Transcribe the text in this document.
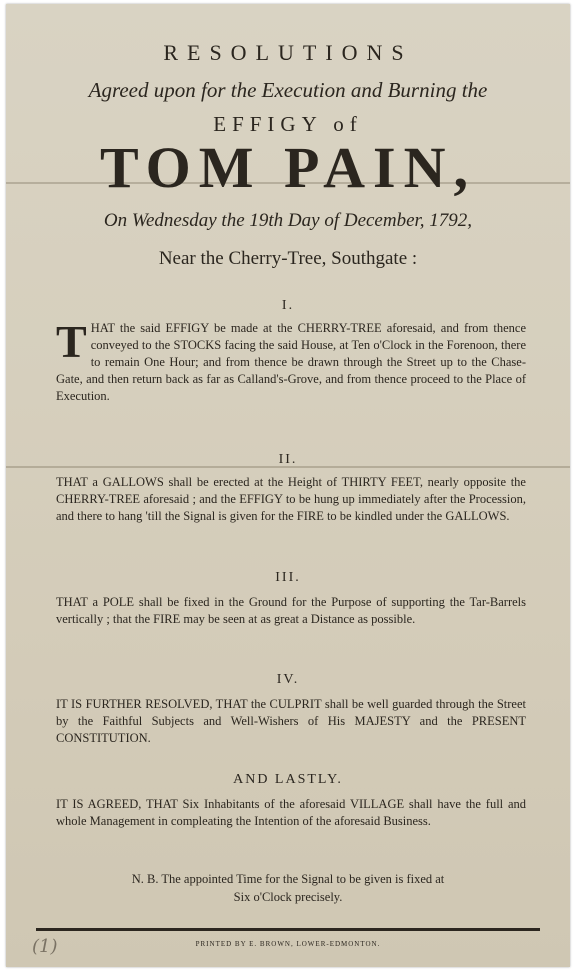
RESOLUTIONS
Agreed upon for the Execution and Burning the
EFFIGY of
TOM PAIN,
On Wednesday the 19th Day of December, 1792,
Near the Cherry-Tree, Southgate :
I.
THAT the said EFFIGY be made at the CHERRY-TREE aforesaid, and from thence conveyed to the STOCKS facing the said House, at Ten o'Clock in the Forenoon, there to remain One Hour; and from thence be drawn through the Street up to the Chase-Gate, and then return back as far as Calland's-Grove, and from thence proceed to the Place of Execution.
II.
THAT a GALLOWS shall be erected at the Height of THIRTY FEET, nearly opposite the CHERRY-TREE aforesaid ; and the EFFIGY to be hung up immediately after the Procession, and there to hang 'till the Signal is given for the FIRE to be kindled under the GALLOWS.
III.
THAT a POLE shall be fixed in the Ground for the Purpose of supporting the Tar-Barrels vertically ; that the FIRE may be seen at as great a Distance as possible.
IV.
IT IS FURTHER RESOLVED, THAT the CULPRIT shall be well guarded through the Street by the Faithful Subjects and Well-Wishers of His MAJESTY and the PRESENT CONSTITUTION.
AND LASTLY.
IT IS AGREED, THAT Six Inhabitants of the aforesaid VILLAGE shall have the full and whole Management in compleating the Intention of the aforesaid Business.
N. B. The appointed Time for the Signal to be given is fixed at
Six o'Clock precisely.
PRINTED BY E. BROWN, LOWER-EDMONTON.
(1)
